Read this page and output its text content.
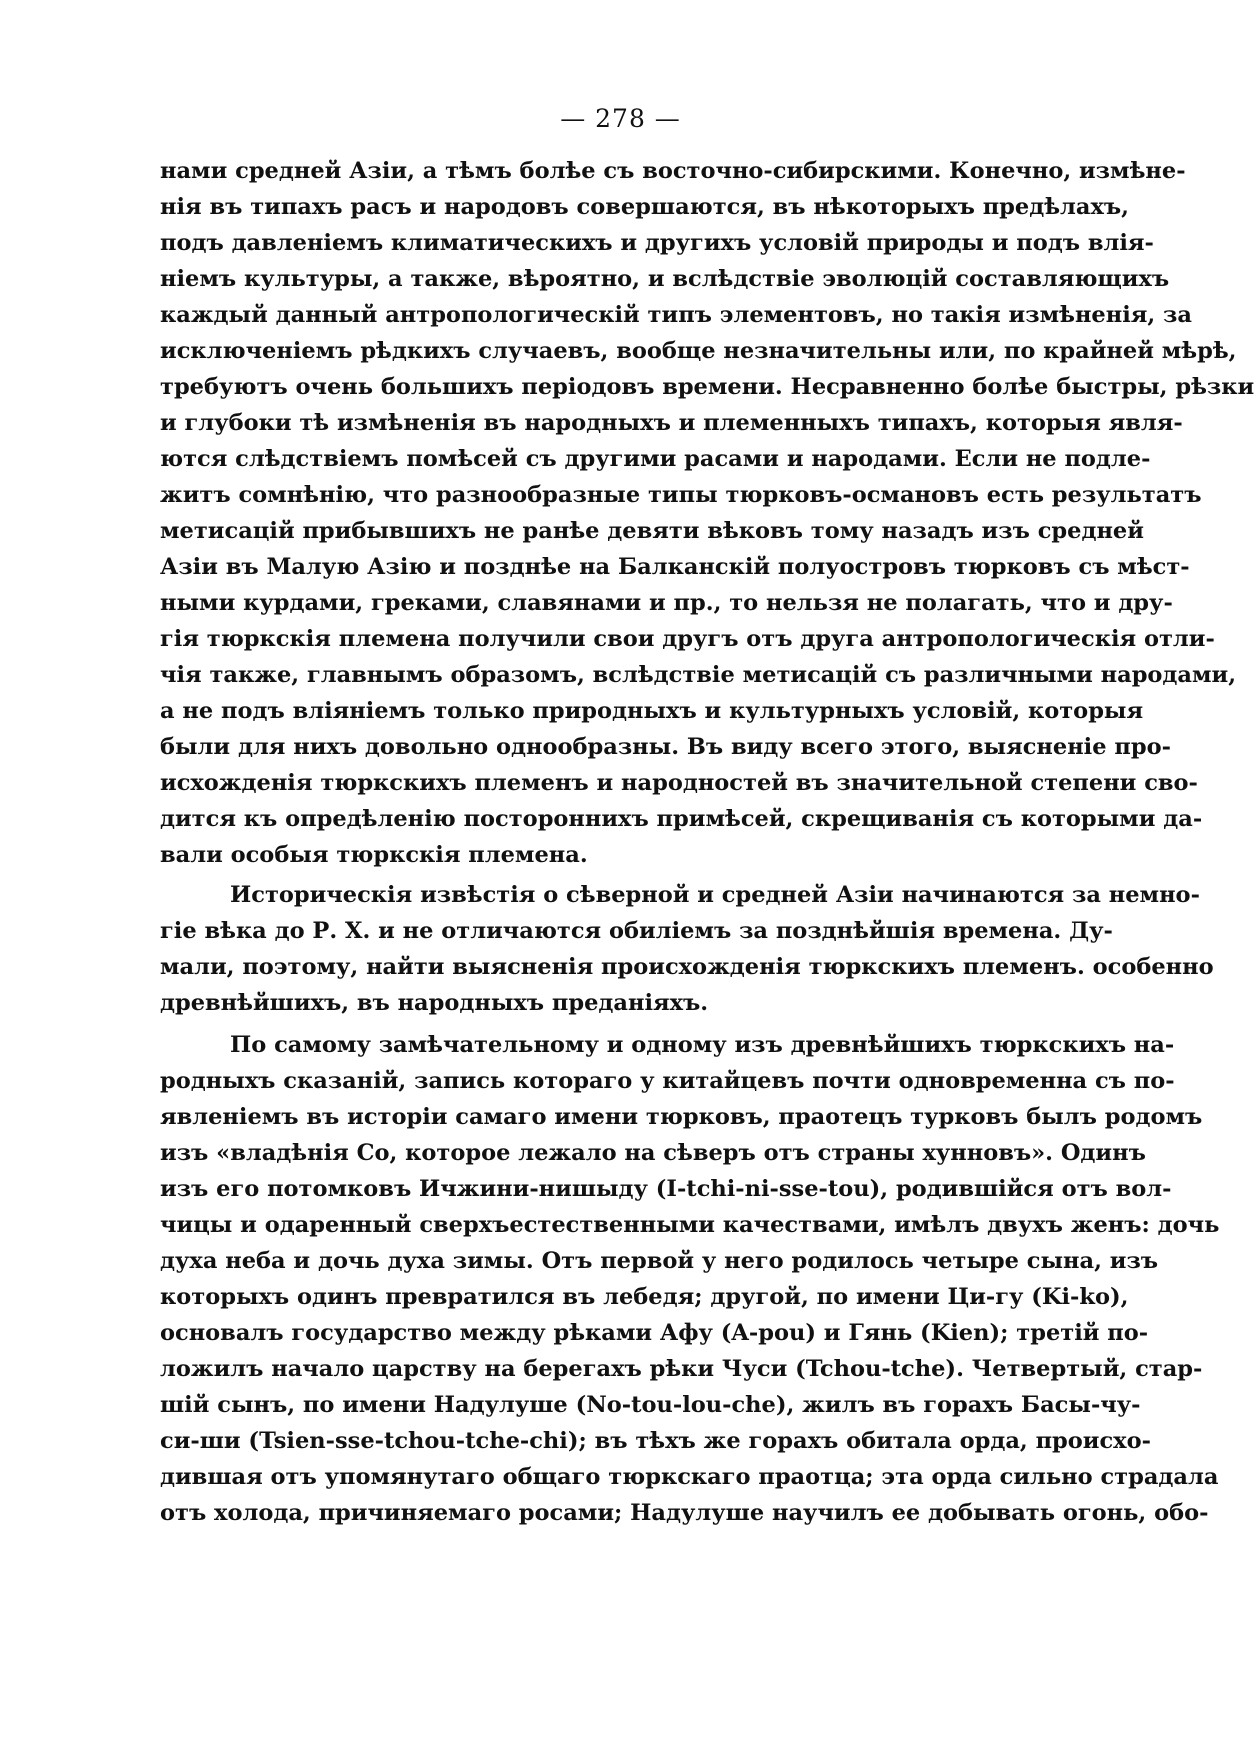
— 278 —
нами средней Азіи, а тѣмъ болѣе съ восточно-сибирскими. Конечно, измѣне-
нія въ типахъ расъ и народовъ совершаются, въ нѣкоторыхъ предѣлахъ,
подъ давленіемъ климатическихъ и другихъ условій природы и подъ влія-
ніемъ культуры, а также, вѣроятно, и вслѣдствіе эволюцій составляющихъ
каждый данный антропологическій типъ элементовъ, но такія измѣненія, за
исключеніемъ рѣдкихъ случаевъ, вообще незначительны или, по крайней мѣрѣ,
требуютъ очень большихъ періодовъ времени. Несравненно болѣе быстры, рѣзки
и глубоки тѣ измѣненія въ народныхъ и племенныхъ типахъ, которыя явля-
ются слѣдствіемъ помѣсей съ другими расами и народами. Если не подле-
житъ сомнѣнію, что разнообразные типы тюрковъ-османовъ есть результатъ
метисацій прибывшихъ не ранѣе девяти вѣковъ тому назадъ изъ средней
Азіи въ Малую Азію и позднѣе на Балканскій полуостровъ тюрковъ съ мѣст-
ными курдами, греками, славянами и пр., то нельзя не полагать, что и дру-
гія тюркскія племена получили свои другъ отъ друга антропологическія отли-
чія также, главнымъ образомъ, вслѣдствіе метисацій съ различными народами,
а не подъ вліяніемъ только природныхъ и культурныхъ условій, которыя
были для нихъ довольно однообразны. Въ виду всего этого, выясненіе про-
исхожденія тюркскихъ племенъ и народностей въ значительной степени сво-
дится къ опредѣленію постороннихъ примѣсей, скрещиванія съ которыми да-
вали особыя тюркскія племена.
Историческія извѣстія о сѣверной и средней Азіи начинаются за немно-
гіе вѣка до Р. Х. и не отличаются обиліемъ за позднѣйшія времена. Ду-
мали, поэтому, найти выясненія происхожденія тюркскихъ племенъ. особенно
древнѣйшихъ, въ народныхъ преданіяхъ.
По самому замѣчательному и одному изъ древнѣйшихъ тюркскихъ на-
родныхъ сказаній, запись котораго у китайцевъ почти одновременна съ по-
явленіемъ въ исторіи самаго имени тюрковъ, праотецъ турковъ былъ родомъ
изъ «владѣнія Со, которое лежало на сѣверъ отъ страны хунновъ». Одинъ
изъ его потомковъ Ичжини-нишыду (I-tchi-ni-sse-tou), родившійся отъ вол-
чицы и одаренный сверхъестественными качествами, имѣлъ двухъ женъ: дочь
духа неба и дочь духа зимы. Отъ первой у него родилось четыре сына, изъ
которыхъ одинъ превратился въ лебедя; другой, по имени Ци-гу (Ki-ko),
основалъ государство между рѣками Афу (A-pou) и Гянь (Kien); третій по-
ложилъ начало царству на берегахъ рѣки Чуси (Tchou-tche). Четвертый, стар-
шій сынъ, по имени Надулуше (No-tou-lou-che), жилъ въ горахъ Басы-чу-
си-ши (Tsien-sse-tchou-tche-chi); въ тѣхъ же горахъ обитала орда, происхо-
дившая отъ упомянутаго общаго тюркскаго праотца; эта орда сильно страдала
отъ холода, причиняемаго росами; Надулуше научилъ ее добывать огонь, обо-
